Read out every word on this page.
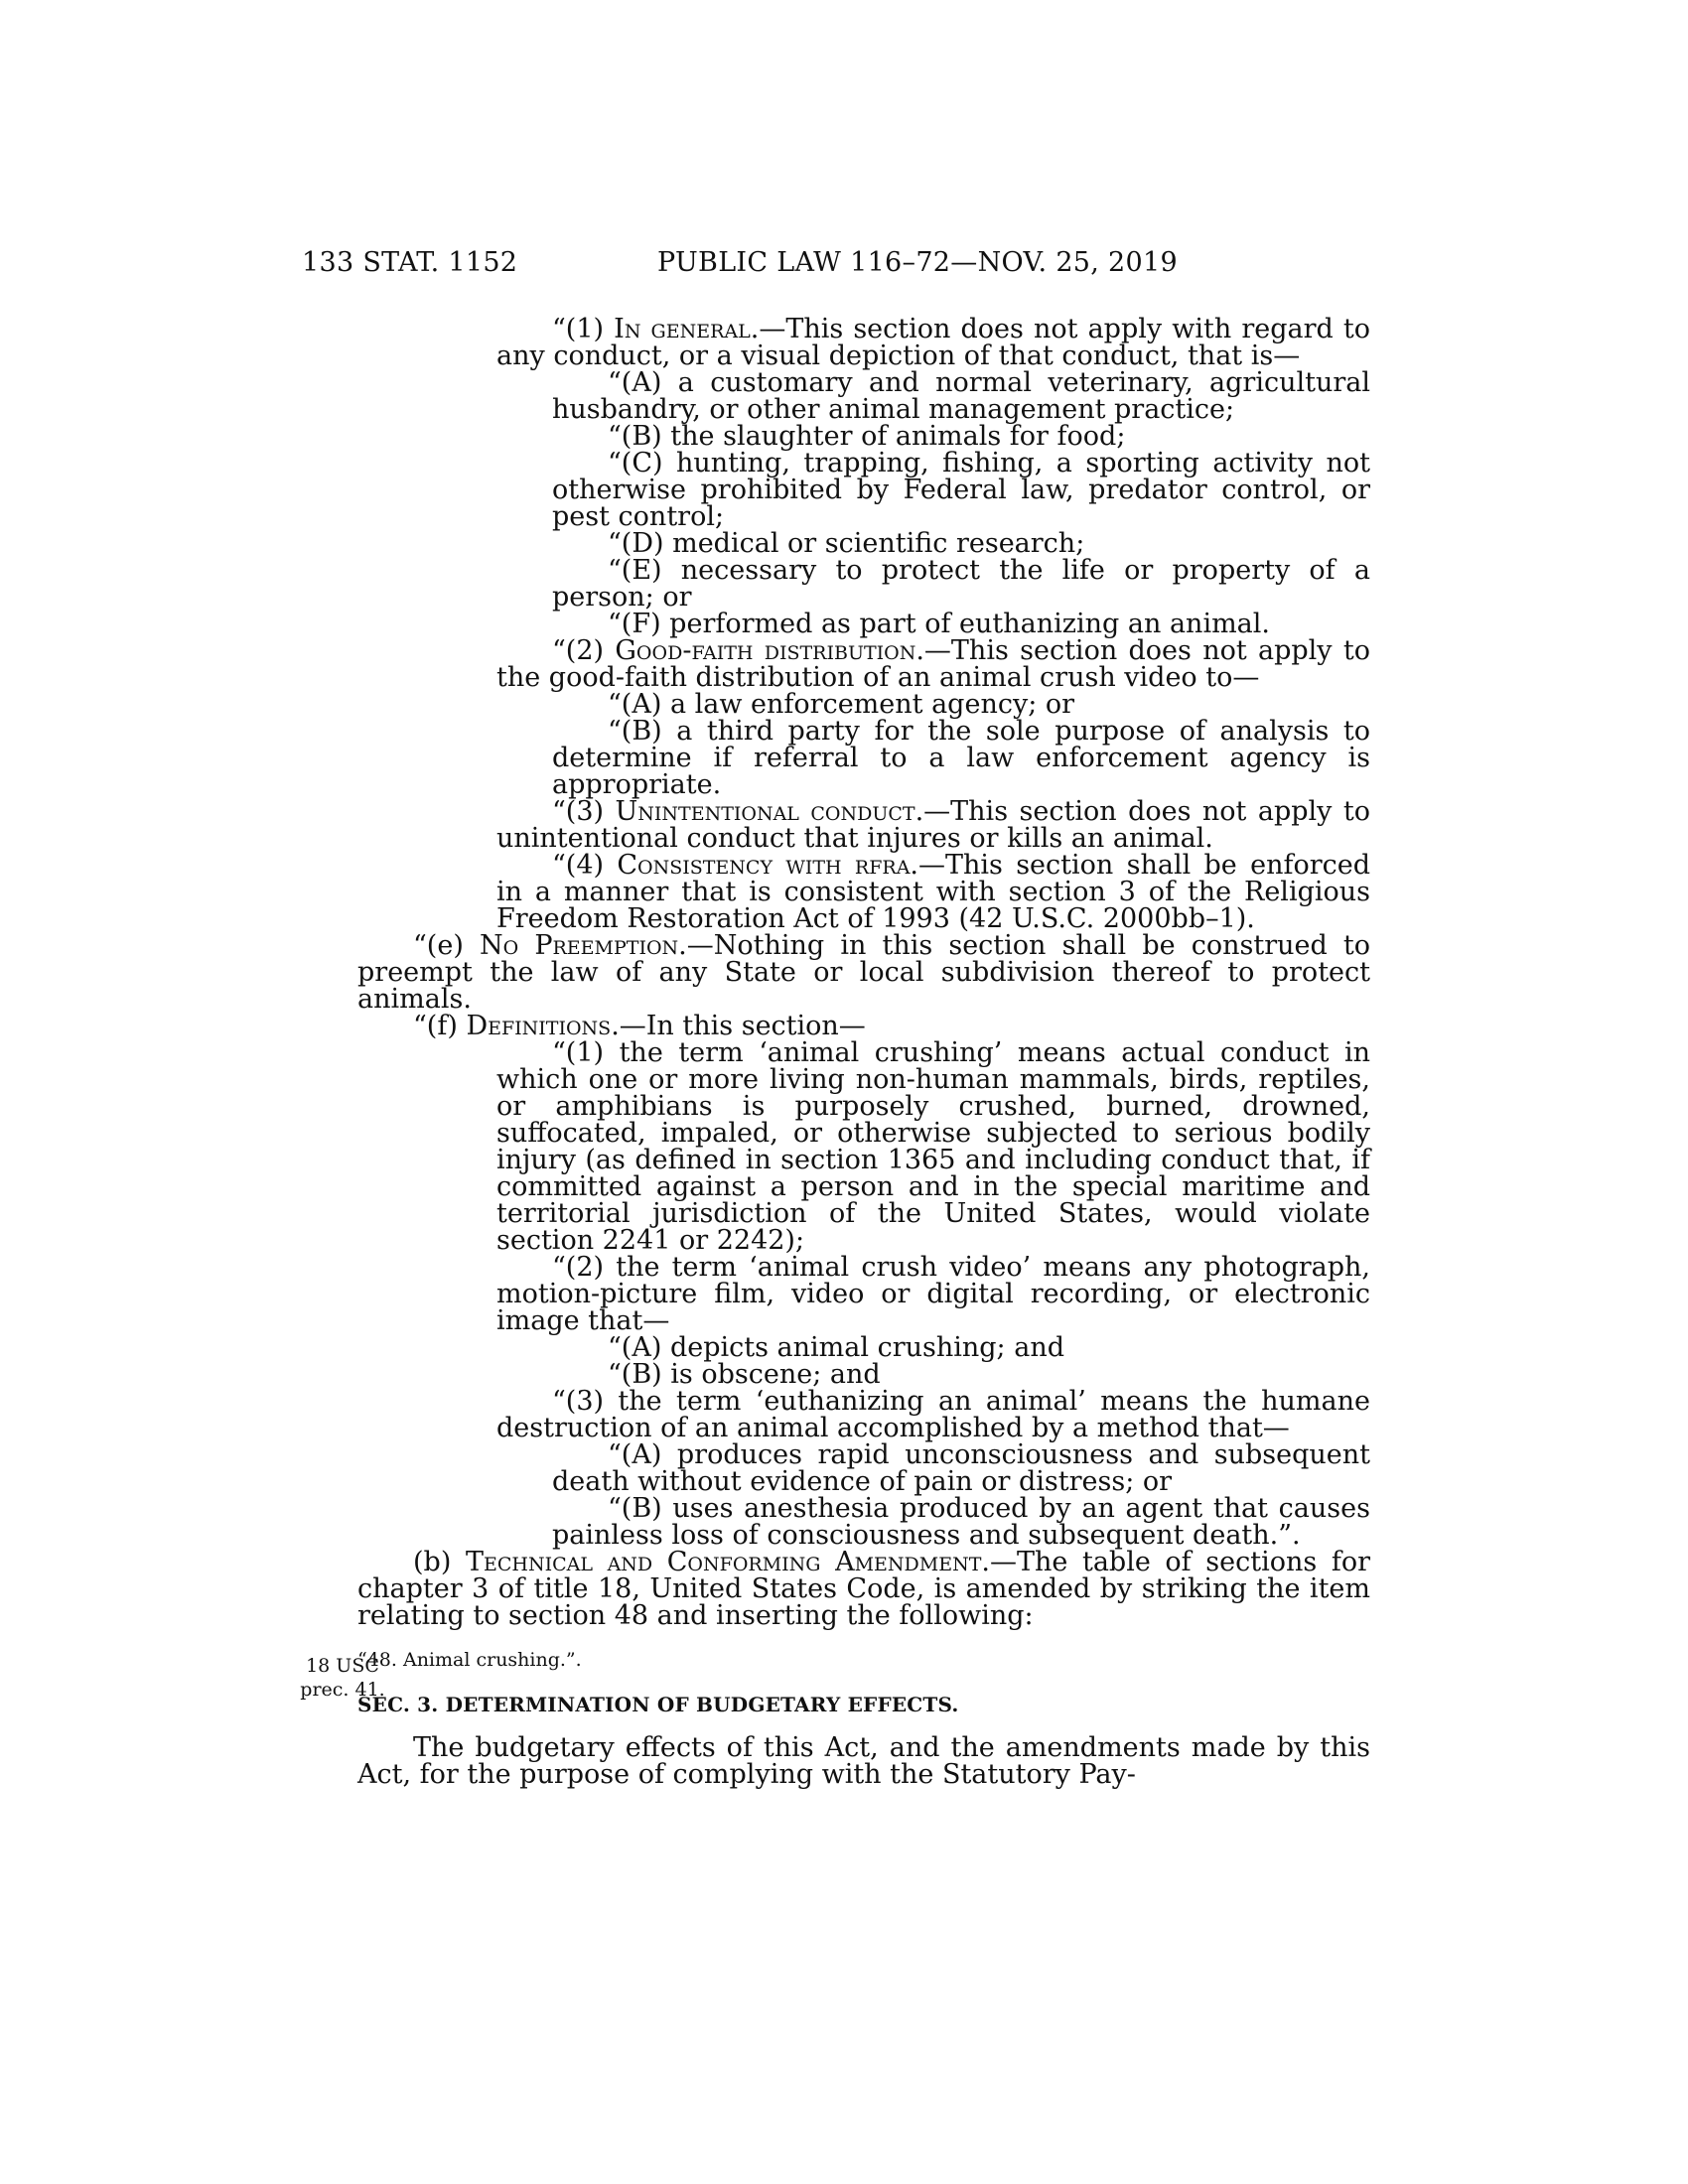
133 STAT. 1152	PUBLIC LAW 116–72—NOV. 25, 2019
18 USC
prec. 41.

“(1) In general.—This section does not apply with regard to any conduct, or a visual depiction of that conduct, that is—

“(A) a customary and normal veterinary, agricultural husbandry, or other animal management practice;

“(B) the slaughter of animals for food;

“(C) hunting, trapping, fishing, a sporting activity not otherwise prohibited by Federal law, predator control, or pest control;

“(D) medical or scientific research;

“(E) necessary to protect the life or property of a person; or

“(F) performed as part of euthanizing an animal.

“(2) Good-faith distribution.—This section does not apply to the good-faith distribution of an animal crush video to—

“(A) a law enforcement agency; or

“(B) a third party for the sole purpose of analysis to determine if referral to a law enforcement agency is appropriate.

“(3) Unintentional conduct.—This section does not apply to unintentional conduct that injures or kills an animal.

“(4) Consistency with rfra.—This section shall be enforced in a manner that is consistent with section 3 of the Religious Freedom Restoration Act of 1993 (42 U.S.C. 2000bb–1).

“(e) No Preemption.—Nothing in this section shall be construed to preempt the law of any State or local subdivision thereof to protect animals.

“(f) Definitions.—In this section—

“(1) the term ‘animal crushing’ means actual conduct in which one or more living non-human mammals, birds, reptiles, or amphibians is purposely crushed, burned, drowned, suffocated, impaled, or otherwise subjected to serious bodily injury (as defined in section 1365 and including conduct that, if committed against a person and in the special maritime and territorial jurisdiction of the United States, would violate section 2241 or 2242);

“(2) the term ‘animal crush video’ means any photograph, motion-picture film, video or digital recording, or electronic image that—

“(A) depicts animal crushing; and

“(B) is obscene; and

“(3) the term ‘euthanizing an animal’ means the humane destruction of an animal accomplished by a method that—

“(A) produces rapid unconsciousness and subsequent death without evidence of pain or distress; or

“(B) uses anesthesia produced by an agent that causes painless loss of consciousness and subsequent death.”.

(b) Technical and Conforming Amendment.—The table of sections for chapter 3 of title 18, United States Code, is amended by striking the item relating to section 48 and inserting the following:

“48. Animal crushing.”.

SEC. 3. DETERMINATION OF BUDGETARY EFFECTS.

The budgetary effects of this Act, and the amendments made by this Act, for the purpose of complying with the Statutory Pay-
